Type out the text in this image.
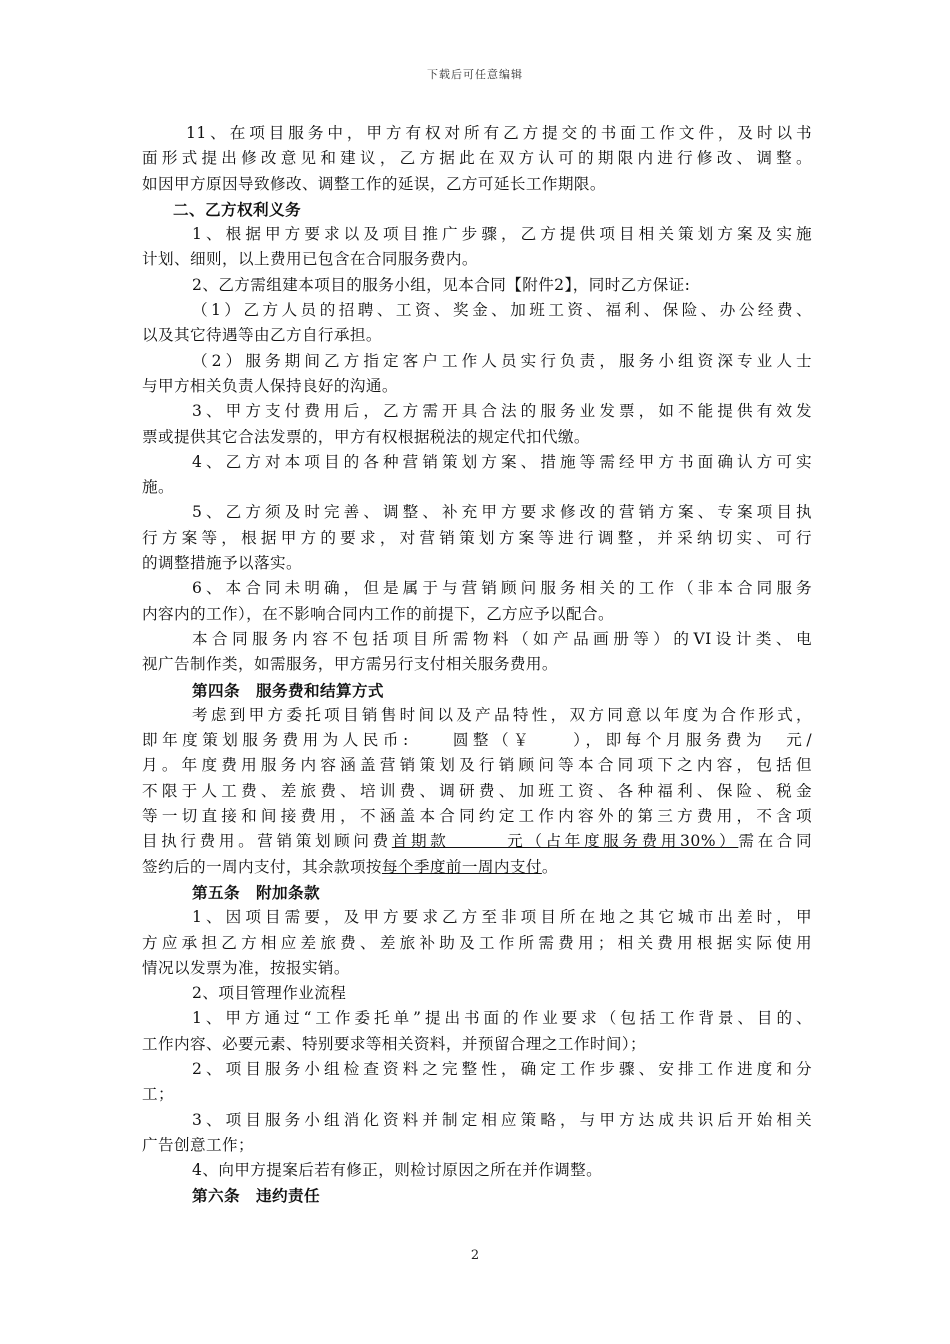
下载后可任意编辑
11、在项目服务中，甲方有权对所有乙方提交的书面工作文件，及时以书
面形式提出修改意见和建议，乙方据此在双方认可的期限内进行修改、调整。
如因甲方原因导致修改、调整工作的延误，乙方可延长工作期限。
二、乙方权利义务
1、根据甲方要求以及项目推广步骤，乙方提供项目相关策划方案及实施
计划、细则，以上费用已包含在合同服务费内。
2、乙方需组建本项目的服务小组，见本合同【附件2】，同时乙方保证:
（1）乙方人员的招聘、工资、奖金、加班工资、福利、保险、办公经费、
以及其它待遇等由乙方自行承担。
（2）服务期间乙方指定客户工作人员实行负责，服务小组资深专业人士
与甲方相关负责人保持良好的沟通。
3、甲方支付费用后，乙方需开具合法的服务业发票，如不能提供有效发
票或提供其它合法发票的，甲方有权根据税法的规定代扣代缴。
4、乙方对本项目的各种营销策划方案、措施等需经甲方书面确认方可实
施。
5、乙方须及时完善、调整、补充甲方要求修改的营销方案、专案项目执
行方案等，根据甲方的要求，对营销策划方案等进行调整，并采纳切实、可行
的调整措施予以落实。
6、本合同未明确，但是属于与营销顾问服务相关的工作（非本合同服务
内容内的工作），在不影响合同内工作的前提下，乙方应予以配合。
本合同服务内容不包括项目所需物料（如产品画册等）的VI设计类、电
视广告制作类，如需服务，甲方需另行支付相关服务费用。
第四条　服务费和结算方式
考虑到甲方委托项目销售时间以及产品特性，双方同意以年度为合作形式，
即年度策划服务费用为人民币:　　圆整（￥　　），即每个月服务费为　元/
月。年度费用服务内容涵盖营销策划及行销顾问等本合同项下之内容，包括但
不限于人工费、差旅费、培训费、调研费、加班工资、各种福利、保险、税金
等一切直接和间接费用，不涵盖本合同约定工作内容外的第三方费用，不含项
目执行费用。营销策划顾问费首期款　　　元（占年度服务费用30%）需在合同
签约后的一周内支付，其余款项按每个季度前一周内支付。
第五条　附加条款
1、因项目需要，及甲方要求乙方至非项目所在地之其它城市出差时，甲
方应承担乙方相应差旅费、差旅补助及工作所需费用；相关费用根据实际使用
情况以发票为准，按报实销。
2、项目管理作业流程
1、甲方通过“工作委托单”提出书面的作业要求（包括工作背景、目的、
工作内容、必要元素、特别要求等相关资料，并预留合理之工作时间）；
2、项目服务小组检查资料之完整性，确定工作步骤、安排工作进度和分
工；
3、项目服务小组消化资料并制定相应策略，与甲方达成共识后开始相关
广告创意工作；
4、向甲方提案后若有修正，则检讨原因之所在并作调整。
第六条　违约责任
2
